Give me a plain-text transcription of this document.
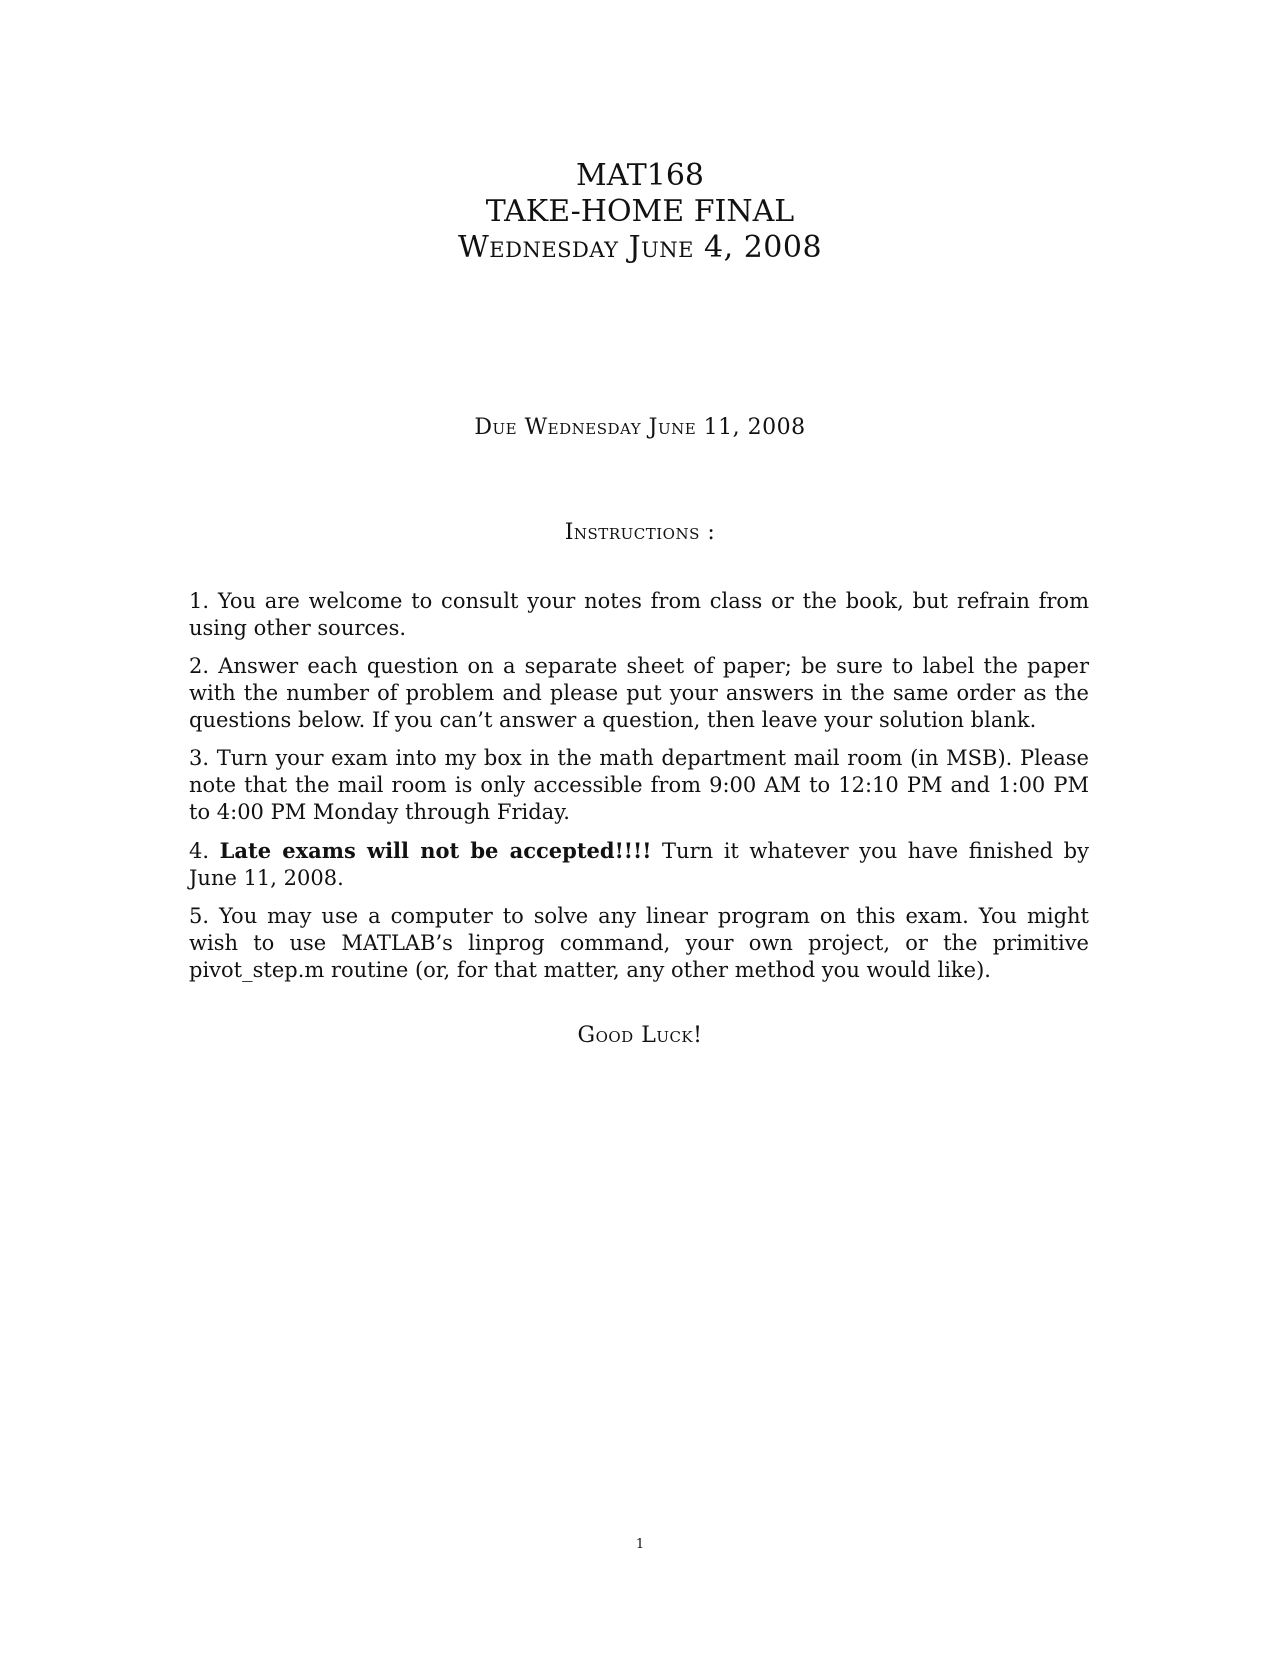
MAT168
TAKE-HOME FINAL
Wednesday June 4, 2008
Due Wednesday June 11, 2008
Instructions :

1. You are welcome to consult your notes from class or the book, but refrain from using other sources.

2. Answer each question on a separate sheet of paper; be sure to label the paper with the number of problem and please put your answers in the same order as the questions below. If you can’t answer a question, then leave your solution blank.

3. Turn your exam into my box in the math department mail room (in MSB). Please note that the mail room is only accessible from 9:00 AM to 12:10 PM and 1:00 PM to 4:00 PM Monday through Friday.

4. Late exams will not be accepted!!!! Turn it whatever you have finished by June 11, 2008.

5. You may use a computer to solve any linear program on this exam. You might wish to use MATLAB’s linprog command, your own project, or the primitive pivot_step.m routine (or, for that matter, any other method you would like).

Good Luck!
1
